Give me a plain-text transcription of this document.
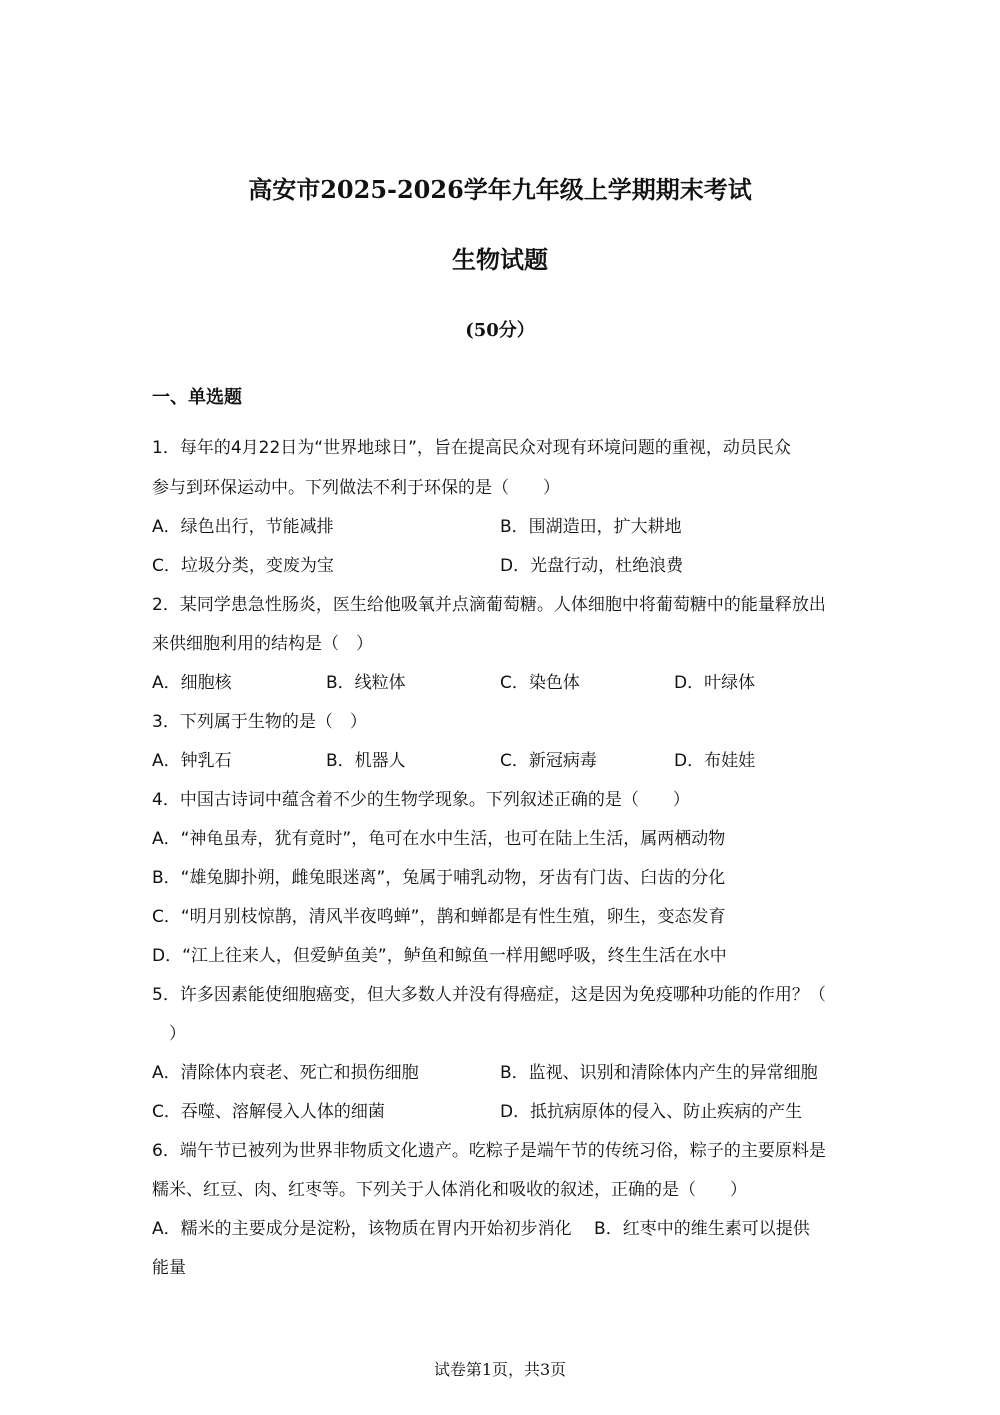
高安市2025-2026学年九年级上学期期末考试
生物试题
(50分）
一、单选题
1．每年的4月22日为“世界地球日”，旨在提高民众对现有环境问题的重视，动员民众
参与到环保运动中。下列做法不利于环保的是（　　）
A．绿色出行，节能减排	B．围湖造田，扩大耕地
C．垃圾分类，变废为宝	D．光盘行动，杜绝浪费
2．某同学患急性肠炎，医生给他吸氧并点滴葡萄糖。人体细胞中将葡萄糖中的能量释放出
来供细胞利用的结构是（　）
A．细胞核	B．线粒体	C．染色体	D．叶绿体
3．下列属于生物的是（　）
A．钟乳石	B．机器人	C．新冠病毒	D．布娃娃
4．中国古诗词中蕴含着不少的生物学现象。下列叙述正确的是（　　）
A．“神龟虽寿，犹有竟时”，龟可在水中生活，也可在陆上生活，属两栖动物
B．“雄兔脚扑朔，雌兔眼迷离”，兔属于哺乳动物，牙齿有门齿、臼齿的分化
C．“明月别枝惊鹊，清风半夜鸣蝉”，鹊和蝉都是有性生殖，卵生，变态发育
D．“江上往来人，但爱鲈鱼美”，鲈鱼和鲸鱼一样用鳃呼吸，终生生活在水中
5．许多因素能使细胞癌变，但大多数人并没有得癌症，这是因为免疫哪种功能的作用？（
　）
A．清除体内衰老、死亡和损伤细胞	B．监视、识别和清除体内产生的异常细胞
C．吞噬、溶解侵入人体的细菌	D．抵抗病原体的侵入、防止疾病的产生
6．端午节已被列为世界非物质文化遗产。吃粽子是端午节的传统习俗，粽子的主要原料是
糯米、红豆、肉、红枣等。下列关于人体消化和吸收的叙述，正确的是（　　）
A．糯米的主要成分是淀粉，该物质在胃内开始初步消化　 B．红枣中的维生素可以提供
能量
试卷第1页，共3页
